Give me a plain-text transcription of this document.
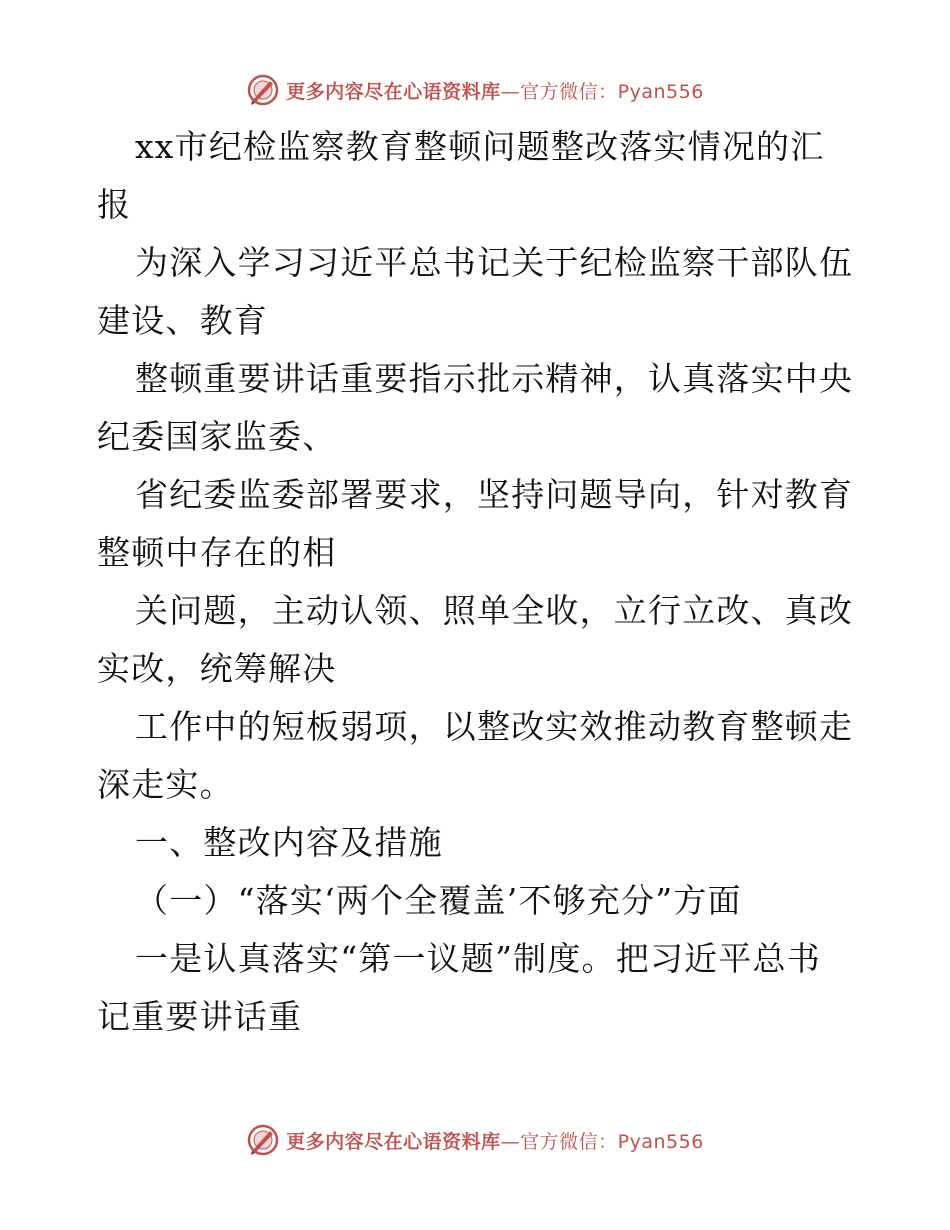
更多内容尽在心语资料库—官方微信：Pyan556
xx市纪检监察教育整顿问题整改落实情况的汇
报
为深入学习习近平总书记关于纪检监察干部队伍
建设、教育
整顿重要讲话重要指示批示精神，认真落实中央
纪委国家监委、
省纪委监委部署要求，坚持问题导向，针对教育
整顿中存在的相
关问题，主动认领、照单全收，立行立改、真改
实改，统筹解决
工作中的短板弱项，以整改实效推动教育整顿走
深走实。
一、整改内容及措施
（一）“落实‘两个全覆盖’不够充分”方面
一是认真落实“第一议题”制度。把习近平总书
记重要讲话重
更多内容尽在心语资料库—官方微信：Pyan556
